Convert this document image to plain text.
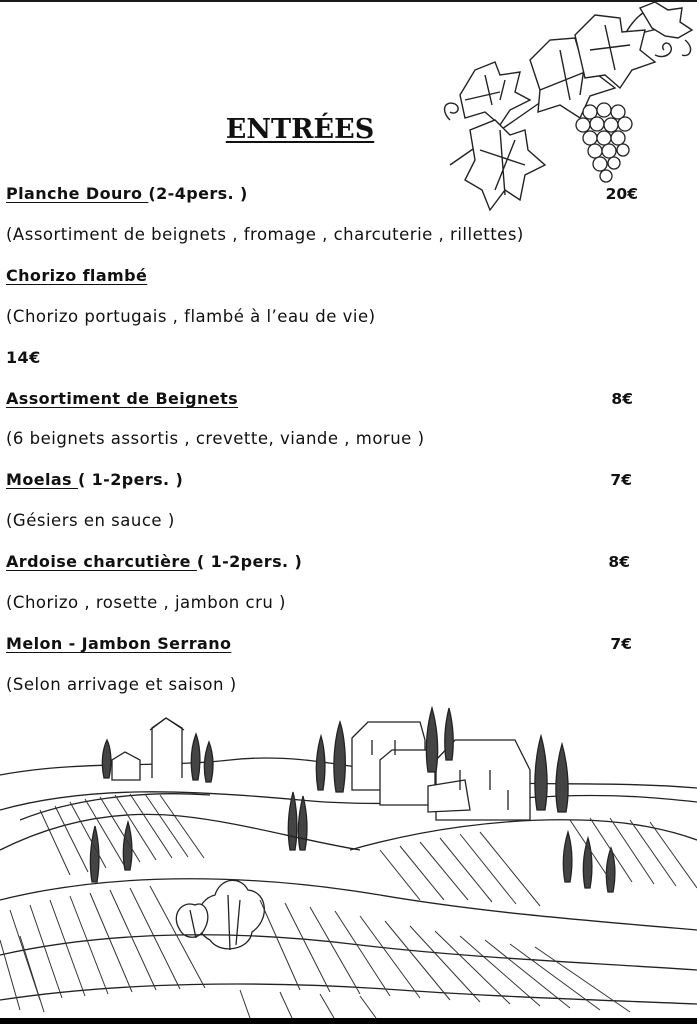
ENTRÉES
Planche Douro (2-4pers. )	20€
(Assortiment de beignets , fromage , charcuterie , rillettes)
Chorizo flambé
(Chorizo portugais , flambé à l’eau de vie)
14€
Assortiment de Beignets	8€
(6 beignets assortis , crevette, viande , morue )
Moelas ( 1-2pers. )	7€
(Gésiers en sauce )
Ardoise charcutière ( 1-2pers. )	8€
(Chorizo , rosette , jambon cru )
Melon - Jambon Serrano	7€
(Selon arrivage et saison )
